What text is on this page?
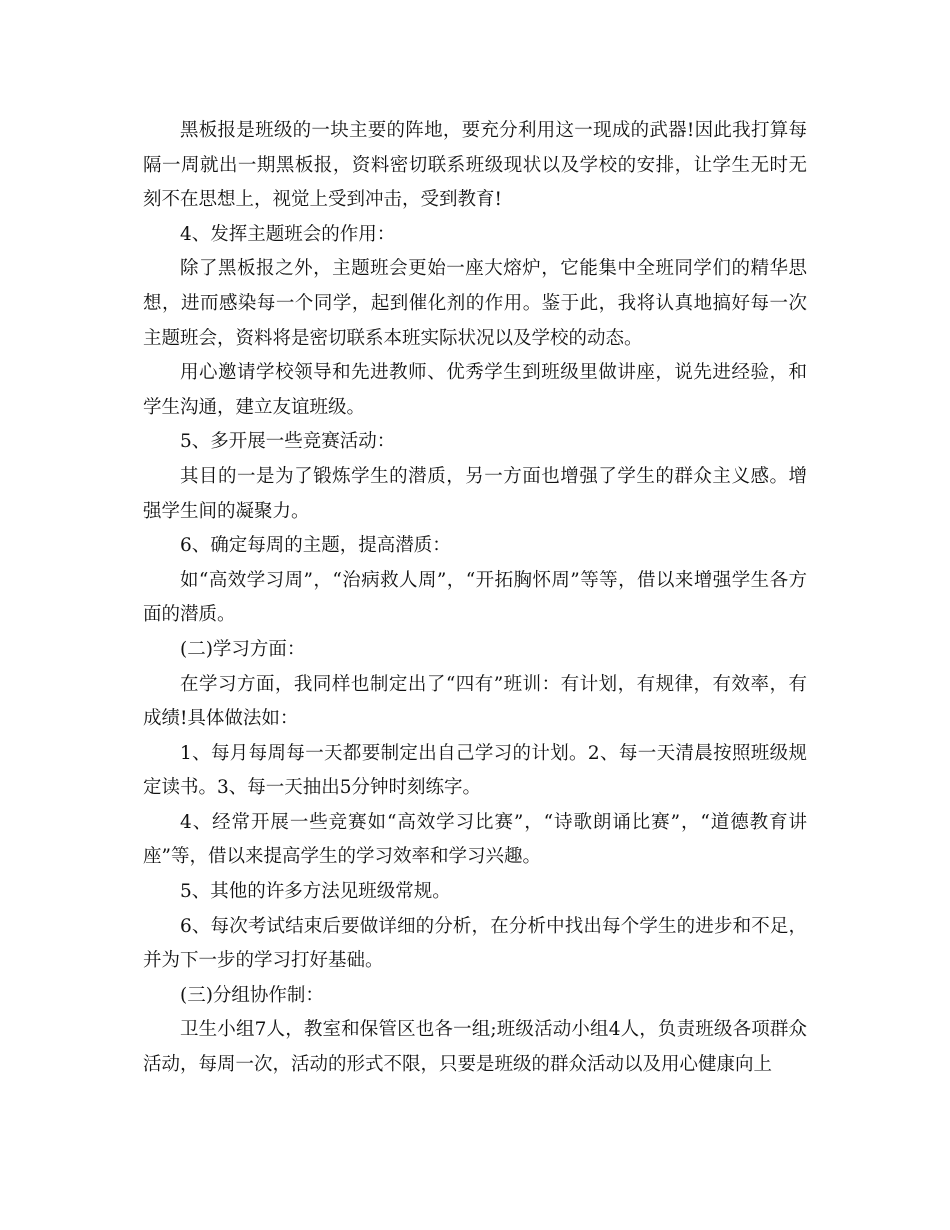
黑板报是班级的一块主要的阵地，要充分利用这一现成的武器!因此我打算每隔一周就出一期黑板报，资料密切联系班级现状以及学校的安排，让学生无时无刻不在思想上，视觉上受到冲击，受到教育!

4、发挥主题班会的作用：

除了黑板报之外，主题班会更始一座大熔炉，它能集中全班同学们的精华思想，进而感染每一个同学，起到催化剂的作用。鉴于此，我将认真地搞好每一次主题班会，资料将是密切联系本班实际状况以及学校的动态。

用心邀请学校领导和先进教师、优秀学生到班级里做讲座，说先进经验，和学生沟通，建立友谊班级。

5、多开展一些竞赛活动：

其目的一是为了锻炼学生的潜质，另一方面也增强了学生的群众主义感。增强学生间的凝聚力。

6、确定每周的主题，提高潜质：

如“高效学习周”，“治病救人周”，“开拓胸怀周”等等，借以来增强学生各方面的潜质。

(二)学习方面：

在学习方面，我同样也制定出了“四有”班训：有计划，有规律，有效率，有成绩!具体做法如：

1、每月每周每一天都要制定出自己学习的计划。2、每一天清晨按照班级规定读书。3、每一天抽出5分钟时刻练字。

4、经常开展一些竞赛如“高效学习比赛”，“诗歌朗诵比赛”，“道德教育讲座”等，借以来提高学生的学习效率和学习兴趣。

5、其他的许多方法见班级常规。

6、每次考试结束后要做详细的分析，在分析中找出每个学生的进步和不足，并为下一步的学习打好基础。

(三)分组协作制：

卫生小组7人，教室和保管区也各一组;班级活动小组4人，负责班级各项群众活动，每周一次，活动的形式不限，只要是班级的群众活动以及用心健康向上
